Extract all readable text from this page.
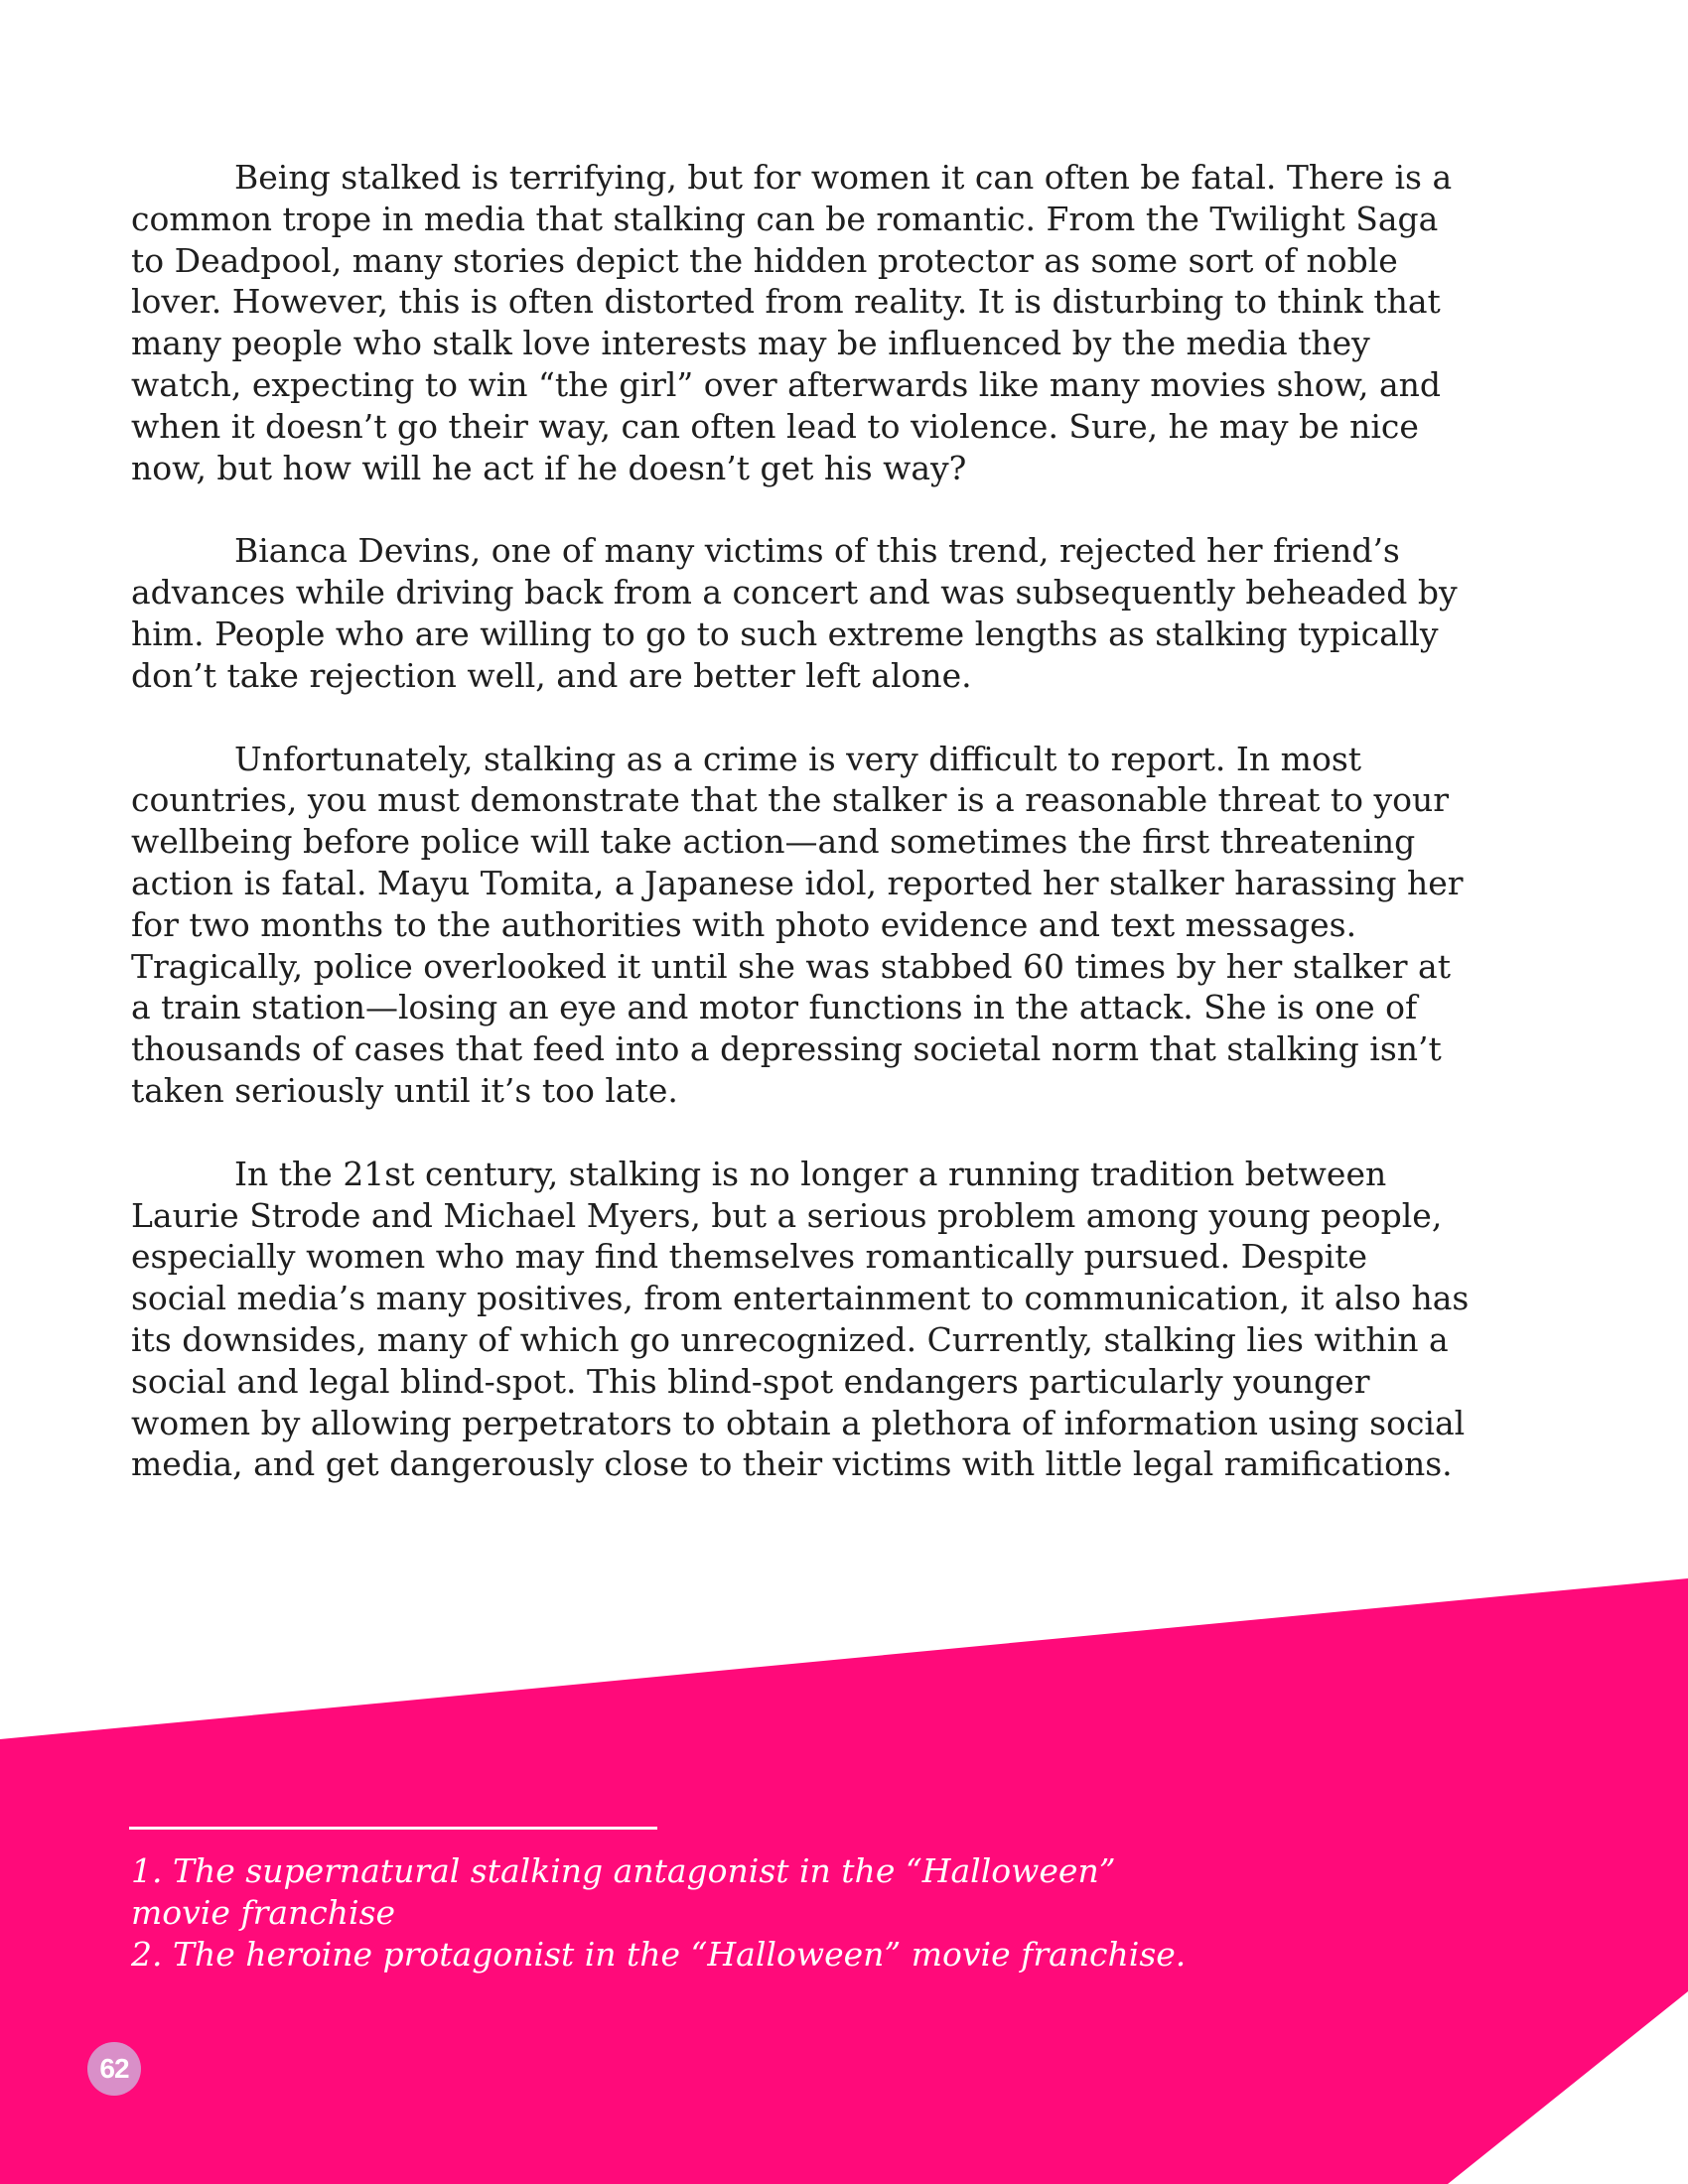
Being stalked is terrifying, but for women it can often be fatal. There is a common trope in media that stalking can be romantic. From the Twilight Saga to Deadpool, many stories depict the hidden protector as some sort of noble lover. However, this is often distorted from reality. It is disturbing to think that many people who stalk love interests may be influenced by the media they watch, expecting to win “the girl” over afterwards like many movies show, and when it doesn’t go their way, can often lead to violence. Sure, he may be nice now, but how will he act if he doesn’t get his way?

Bianca Devins, one of many victims of this trend, rejected her friend’s advances while driving back from a concert and was subsequently beheaded by him. People who are willing to go to such extreme lengths as stalking typically don’t take rejection well, and are better left alone.

Unfortunately, stalking as a crime is very difficult to report. In most countries, you must demonstrate that the stalker is a reasonable threat to your wellbeing before police will take action—and sometimes the first threatening action is fatal. Mayu Tomita, a Japanese idol, reported her stalker harassing her for two months to the authorities with photo evidence and text messages. Tragically, police overlooked it until she was stabbed 60 times by her stalker at a train station—losing an eye and motor functions in the attack. She is one of thousands of cases that feed into a depressing societal norm that stalking isn’t taken seriously until it’s too late.

In the 21st century, stalking is no longer a running tradition between Laurie Strode and Michael Myers, but a serious problem among young people, especially women who may find themselves romantically pursued. Despite social media’s many positives, from entertainment to communication, it also has its downsides, many of which go unrecognized. Currently, stalking lies within a social and legal blind-spot. This blind-spot endangers particularly younger women by allowing perpetrators to obtain a plethora of information using social media, and get dangerously close to their victims with little legal ramifications.

1. The supernatural stalking antagonist in the “Halloween” movie franchise
2. The heroine protagonist in the “Halloween” movie franchise.
62
